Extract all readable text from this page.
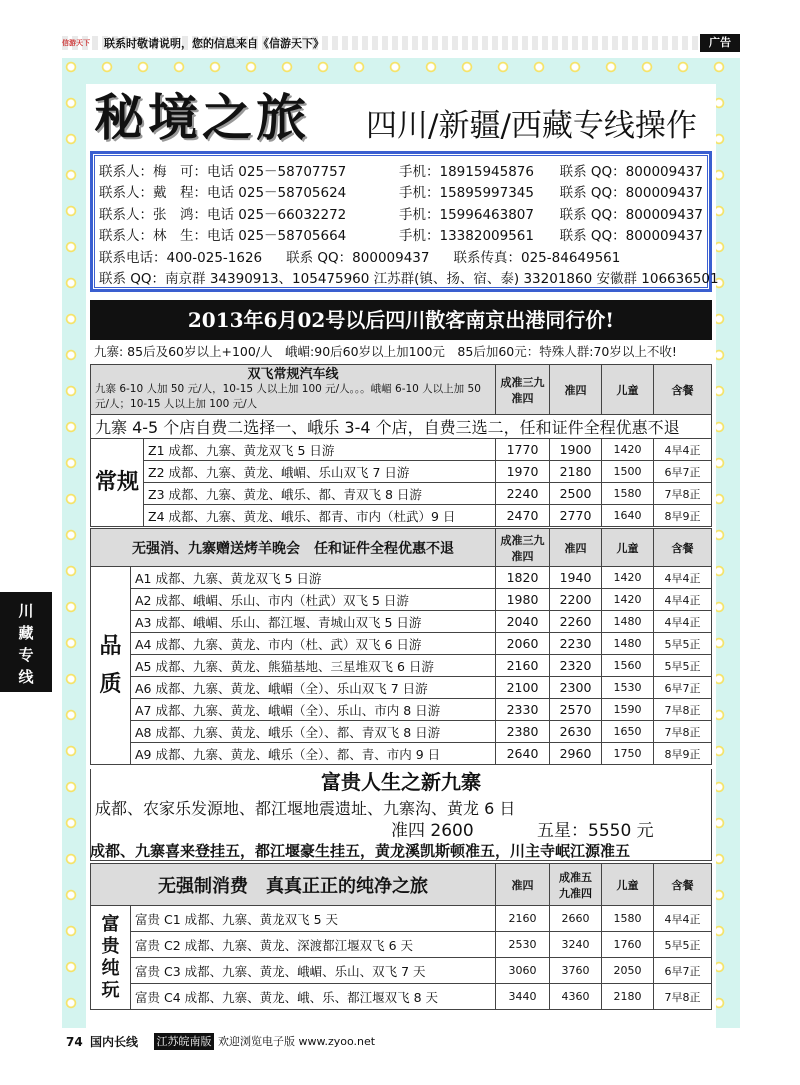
信游天下 联系时敬请说明，您的信息来自《信游天下》	广告
秘境之旅 四川/新疆/西藏专线操作
联系人：梅　可：电话 025－58707757	手机：18915945876	联系 QQ：800009437
联系人：戴　程：电话 025－58705624	手机：15895997345	联系 QQ：800009437
联系人：张　鸿：电话 025－66032272	手机：15996463807	联系 QQ：800009437
联系人：林　生：电话 025－58705664	手机：13382009561	联系 QQ：800009437
联系电话：400-025-1626 联系 QQ：800009437 联系传真：025-84649561
联系 QQ：南京群 34390913、105475960 江苏群(镇、扬、宿、泰) 33201860 安徽群 106636501
2013年6月02号以后四川散客南京出港同行价!
九寨: 85后及60岁以上+100/人　峨嵋:90后60岁以上加100元　85后加60元：特殊人群:70岁以上不收!
双飞常规汽车线
九寨 6-10 人加 50 元/人，10-15 人以上加 100 元/人。。。峨嵋 6-10 人以上加 50 元/人；10-15 人以上加 100 元/人		成准三九准四	准四	儿童	含餐
九寨 4-5 个店自费二选择一、峨乐 3-4 个店，自费三选二，任和证件全程优惠不退					
常规	Z1 成都、九寨、黄龙双飞 5 日游	1770	1900	1420	4早4正
	Z2 成都、九寨、黄龙、峨嵋、乐山双飞 7 日游	1970	2180	1500	6早7正
	Z3 成都、九寨、黄龙、峨乐、都、青双飞 8 日游	2240	2500	1580	7早8正
	Z4 成都、九寨、黄龙、峨乐、都青、市内（杜武）9 日	2470	2770	1640	8早9正
无强消、九寨赠送烤羊晚会　任和证件全程优惠不退		成准三九准四	准四	儿童	含餐
品质	A1 成都、九寨、黄龙双飞 5 日游	1820	1940	1420	4早4正
	A2 成都、峨嵋、乐山、市内（杜武）双飞 5 日游	1980	2200	1420	4早4正
	A3 成都、峨嵋、乐山、都江堰、青城山双飞 5 日游	2040	2260	1480	4早4正
	A4 成都、九寨、黄龙、市内（杜、武）双飞 6 日游	2060	2230	1480	5早5正
	A5 成都、九寨、黄龙、熊猫基地、三星堆双飞 6 日游	2160	2320	1560	5早5正
	A6 成都、九寨、黄龙、峨嵋（全）、乐山双飞 7 日游	2100	2300	1530	6早7正
	A7 成都、九寨、黄龙、峨嵋（全）、乐山、市内 8 日游	2330	2570	1590	7早8正
	A8 成都、九寨、黄龙、峨乐（全）、都、青双飞 8 日游	2380	2630	1650	7早8正
	A9 成都、九寨、黄龙、峨乐（全）、都、青、市内 9 日	2640	2960	1750	8早9正
川藏专线
富贵人生之新九寨
成都、农家乐发源地、都江堰地震遗址、九寨沟、黄龙 6 日
准四 2600	五星：5550 元
成都、九寨喜来登挂五，都江堰豪生挂五，黄龙溪凯斯顿准五，川主寺岷江源准五
无强制消费　真真正正的纯净之旅		准四	成准五九准四	儿童	含餐
富贵纯玩	富贵 C1 成都、九寨、黄龙双飞 5 天	2160	2660	1580	4早4正
	富贵 C2 成都、九寨、黄龙、深渡都江堰双飞 6 天	2530	3240	1760	5早5正
	富贵 C3 成都、九寨、黄龙、峨嵋、乐山、双飞 7 天	3060	3760	2050	6早7正
	富贵 C4 成都、九寨、黄龙、峨、乐、都江堰双飞 8 天	3440	4360	2180	7早8正
74 国内长线 江苏皖南版 欢迎浏览电子版 www.zyoo.net
